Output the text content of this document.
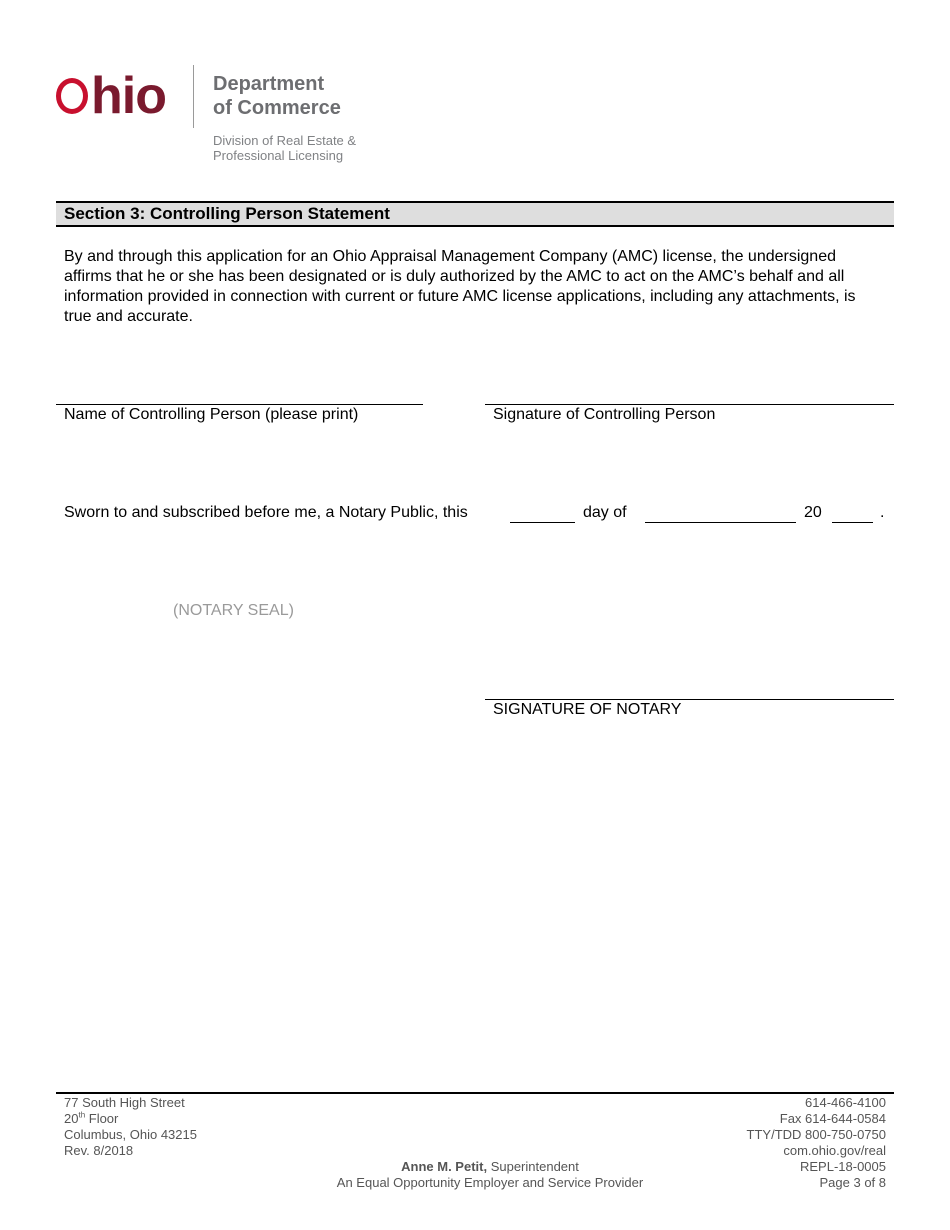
hio Department
of Commerce
Division of Real Estate &
Professional Licensing
Section 3: Controlling Person Statement
By and through this application for an Ohio Appraisal Management Company (AMC) license, the undersigned affirms that he or she has been designated or is duly authorized by the AMC to act on the AMC’s behalf and all information provided in connection with current or future AMC license applications, including any attachments, is true and accurate.
Name of Controlling Person (please print)	Signature of Controlling Person
Sworn to and subscribed before me, a Notary Public, this	day of	20	.
(NOTARY SEAL)
SIGNATURE OF NOTARY
77 South High Street
20th Floor
Columbus, Ohio 43215
Rev. 8/2018
Anne M. Petit, Superintendent
An Equal Opportunity Employer and Service Provider
614-466-4100
Fax 614-644-0584
TTY/TDD 800-750-0750
com.ohio.gov/real
REPL-18-0005
Page 3 of 8
